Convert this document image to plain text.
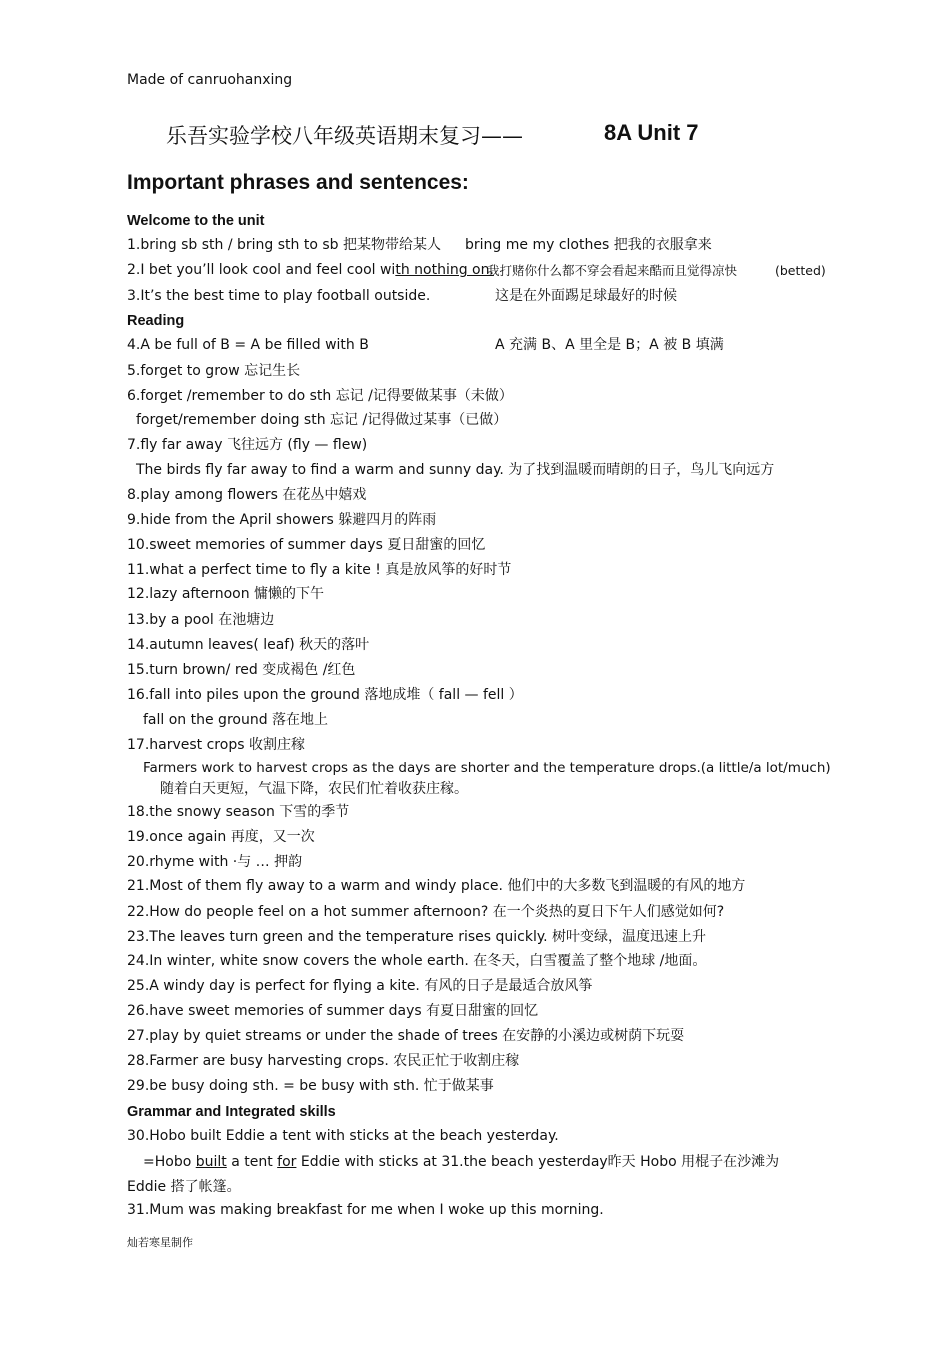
Made of canruohanxing
乐吾实验学校八年级英语期末复习——	8A Unit 7
Important phrases and sentences:
Welcome to the unit
1.bring sb sth / bring sth to sb 把某物带给某人 bring me my clothes 把我的衣服拿来
2.I bet you’ll look cool and feel cool with nothing on.
我打赌你什么都不穿会看起来酷而且觉得凉快	(betted)
3.It’s the best time to play football outside.	这是在外面踢足球最好的时候
Reading
4.A be full of B = A be filled with B	A 充满 B、A 里全是 B；A 被 B 填满
5.forget to grow 忘记生长
6.forget /remember to do sth 忘记 /记得要做某事（未做）
forget/remember doing sth 忘记 /记得做过某事（已做）
7.fly far away 飞往远方 (fly — flew)
The birds fly far away to find a warm and sunny day. 为了找到温暖而晴朗的日子，鸟儿飞向远方
8.play among flowers 在花丛中嬉戏
9.hide from the April showers 躲避四月的阵雨
10.sweet memories of summer days 夏日甜蜜的回忆
11.what a perfect time to fly a kite ! 真是放风筝的好时节
12.lazy afternoon 慵懒的下午
13.by a pool 在池塘边
14.autumn leaves( leaf) 秋天的落叶
15.turn brown/ red 变成褐色 /红色
16.fall into piles upon the ground 落地成堆（ fall — fell ）
fall on the ground 落在地上
17.harvest crops 收割庄稼
Farmers work to harvest crops as the days are shorter and the temperature drops.(a little/a lot/much)
随着白天更短，气温下降，农民们忙着收获庄稼。
18.the snowy season 下雪的季节
19.once again 再度，又一次
20.rhyme with ·与 … 押韵
21.Most of them fly away to a warm and windy place. 他们中的大多数飞到温暖的有风的地方
22.How do people feel on a hot summer afternoon? 在一个炎热的夏日下午人们感觉如何?
23.The leaves turn green and the temperature rises quickly. 树叶变绿，温度迅速上升
24.In winter, white snow covers the whole earth. 在冬天，白雪覆盖了整个地球 /地面。
25.A windy day is perfect for flying a kite. 有风的日子是最适合放风筝
26.have sweet memories of summer days 有夏日甜蜜的回忆
27.play by quiet streams or under the shade of trees 在安静的小溪边或树荫下玩耍
28.Farmer are busy harvesting crops. 农民正忙于收割庄稼
29.be busy doing sth. = be busy with sth. 忙于做某事
Grammar and Integrated skills
30.Hobo built Eddie a tent with sticks at the beach yesterday.
=Hobo built a tent for Eddie with sticks at 31.the beach yesterday昨天 Hobo 用棍子在沙滩为
Eddie 搭了帐篷。
31.Mum was making breakfast for me when I woke up this morning.
灿若寒星制作
